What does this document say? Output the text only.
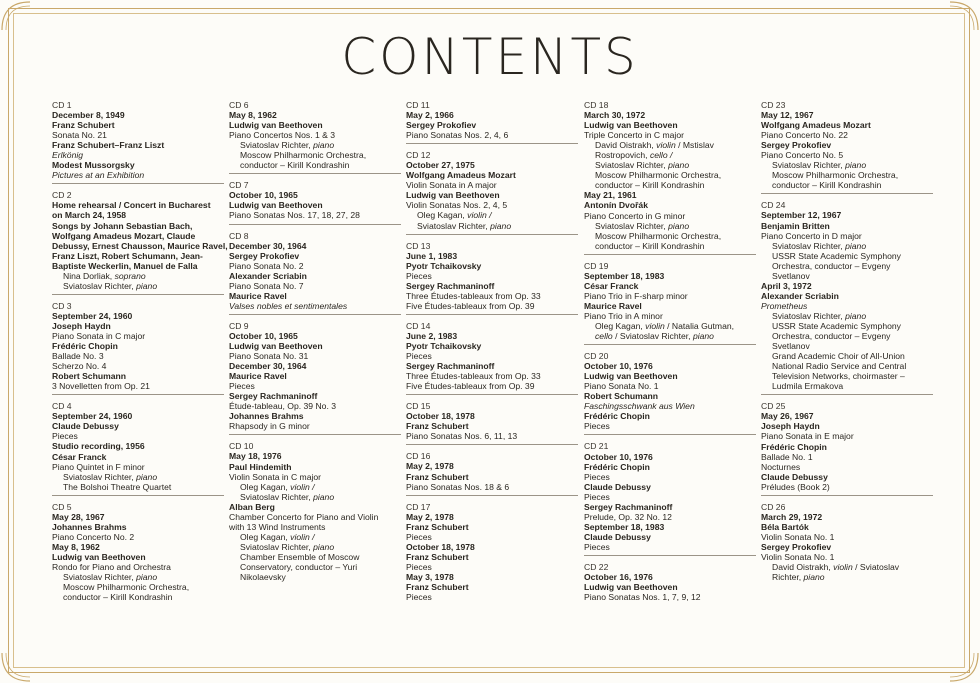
CONTENTS
CD 1
December 8, 1949
Franz Schubert
Sonata No. 21
Franz Schubert–Franz Liszt
Erlkönig
Modest Mussorgsky
Pictures at an Exhibition
CD 2
Home rehearsal / Concert in Bucharest
on March 24, 1958
Songs by Johann Sebastian Bach,
Wolfgang Amadeus Mozart, Claude
Debussy, Ernest Chausson, Maurice Ravel,
Franz Liszt, Robert Schumann, Jean-
Baptiste Weckerlin, Manuel de Falla
Nina Dorliak, soprano
Sviatoslav Richter, piano
CD 3
September 24, 1960
Joseph Haydn
Piano Sonata in C major
Frédéric Chopin
Ballade No. 3
Scherzo No. 4
Robert Schumann
3 Novelletten from Op. 21
CD 4
September 24, 1960
Claude Debussy
Pieces
Studio recording, 1956
César Franck
Piano Quintet in F minor
Sviatoslav Richter, piano
The Bolshoi Theatre Quartet
CD 5
May 28, 1967
Johannes Brahms
Piano Concerto No. 2
May 8, 1962
Ludwig van Beethoven
Rondo for Piano and Orchestra
Sviatoslav Richter, piano
Moscow Philharmonic Orchestra,
conductor – Kirill Kondrashin
CD 6
May 8, 1962
Ludwig van Beethoven
Piano Concertos Nos. 1 & 3
Sviatoslav Richter, piano
Moscow Philharmonic Orchestra,
conductor – Kirill Kondrashin
CD 7
October 10, 1965
Ludwig van Beethoven
Piano Sonatas Nos. 17, 18, 27, 28
CD 8
December 30, 1964
Sergey Prokofiev
Piano Sonata No. 2
Alexander Scriabin
Piano Sonata No. 7
Maurice Ravel
Valses nobles et sentimentales
CD 9
October 10, 1965
Ludwig van Beethoven
Piano Sonata No. 31
December 30, 1964
Maurice Ravel
Pieces
Sergey Rachmaninoff
Étude-tableau, Op. 39 No. 3
Johannes Brahms
Rhapsody in G minor
CD 10
May 18, 1976
Paul Hindemith
Violin Sonata in C major
Oleg Kagan, violin /
Sviatoslav Richter, piano
Alban Berg
Chamber Concerto for Piano and Violin
with 13 Wind Instruments
Oleg Kagan, violin /
Sviatoslav Richter, piano
Chamber Ensemble of Moscow
Conservatory, conductor – Yuri
Nikolaevsky
CD 11
May 2, 1966
Sergey Prokofiev
Piano Sonatas Nos. 2, 4, 6
CD 12
October 27, 1975
Wolfgang Amadeus Mozart
Violin Sonata in A major
Ludwig van Beethoven
Violin Sonatas Nos. 2, 4, 5
Oleg Kagan, violin /
Sviatoslav Richter, piano
CD 13
June 1, 1983
Pyotr Tchaikovsky
Pieces
Sergey Rachmaninoff
Three Études-tableaux from Op. 33
Five Études-tableaux from Op. 39
CD 14
June 2, 1983
Pyotr Tchaikovsky
Pieces
Sergey Rachmaninoff
Three Études-tableaux from Op. 33
Five Études-tableaux from Op. 39
CD 15
October 18, 1978
Franz Schubert
Piano Sonatas Nos. 6, 11, 13
CD 16
May 2, 1978
Franz Schubert
Piano Sonatas Nos. 18 & 6
CD 17
May 2, 1978
Franz Schubert
Pieces
October 18, 1978
Franz Schubert
Pieces
May 3, 1978
Franz Schubert
Pieces
CD 18
March 30, 1972
Ludwig van Beethoven
Triple Concerto in C major
David Oistrakh, violin / Mstislav
Rostropovich, cello /
Sviatoslav Richter, piano
Moscow Philharmonic Orchestra,
conductor – Kirill Kondrashin
May 21, 1961
Antonín Dvořák
Piano Concerto in G minor
Sviatoslav Richter, piano
Moscow Philharmonic Orchestra,
conductor – Kirill Kondrashin
CD 19
September 18, 1983
César Franck
Piano Trio in F-sharp minor
Maurice Ravel
Piano Trio in A minor
Oleg Kagan, violin / Natalia Gutman,
cello / Sviatoslav Richter, piano
CD 20
October 10, 1976
Ludwig van Beethoven
Piano Sonata No. 1
Robert Schumann
Faschingsschwank aus Wien
Frédéric Chopin
Pieces
CD 21
October 10, 1976
Frédéric Chopin
Pieces
Claude Debussy
Pieces
Sergey Rachmaninoff
Prelude, Op. 32 No. 12
September 18, 1983
Claude Debussy
Pieces
CD 22
October 16, 1976
Ludwig van Beethoven
Piano Sonatas Nos. 1, 7, 9, 12
CD 23
May 12, 1967
Wolfgang Amadeus Mozart
Piano Concerto No. 22
Sergey Prokofiev
Piano Concerto No. 5
Sviatoslav Richter, piano
Moscow Philharmonic Orchestra,
conductor – Kirill Kondrashin
CD 24
September 12, 1967
Benjamin Britten
Piano Concerto in D major
Sviatoslav Richter, piano
USSR State Academic Symphony
Orchestra, conductor – Evgeny
Svetlanov
April 3, 1972
Alexander Scriabin
Prometheus
Sviatoslav Richter, piano
USSR State Academic Symphony
Orchestra, conductor – Evgeny
Svetlanov
Grand Academic Choir of All-Union
National Radio Service and Central
Television Networks, choirmaster –
Ludmila Ermakova
CD 25
May 26, 1967
Joseph Haydn
Piano Sonata in E major
Frédéric Chopin
Ballade No. 1
Nocturnes
Claude Debussy
Préludes (Book 2)
CD 26
March 29, 1972
Béla Bartók
Violin Sonata No. 1
Sergey Prokofiev
Violin Sonata No. 1
David Oistrakh, violin / Sviatoslav
Richter, piano
